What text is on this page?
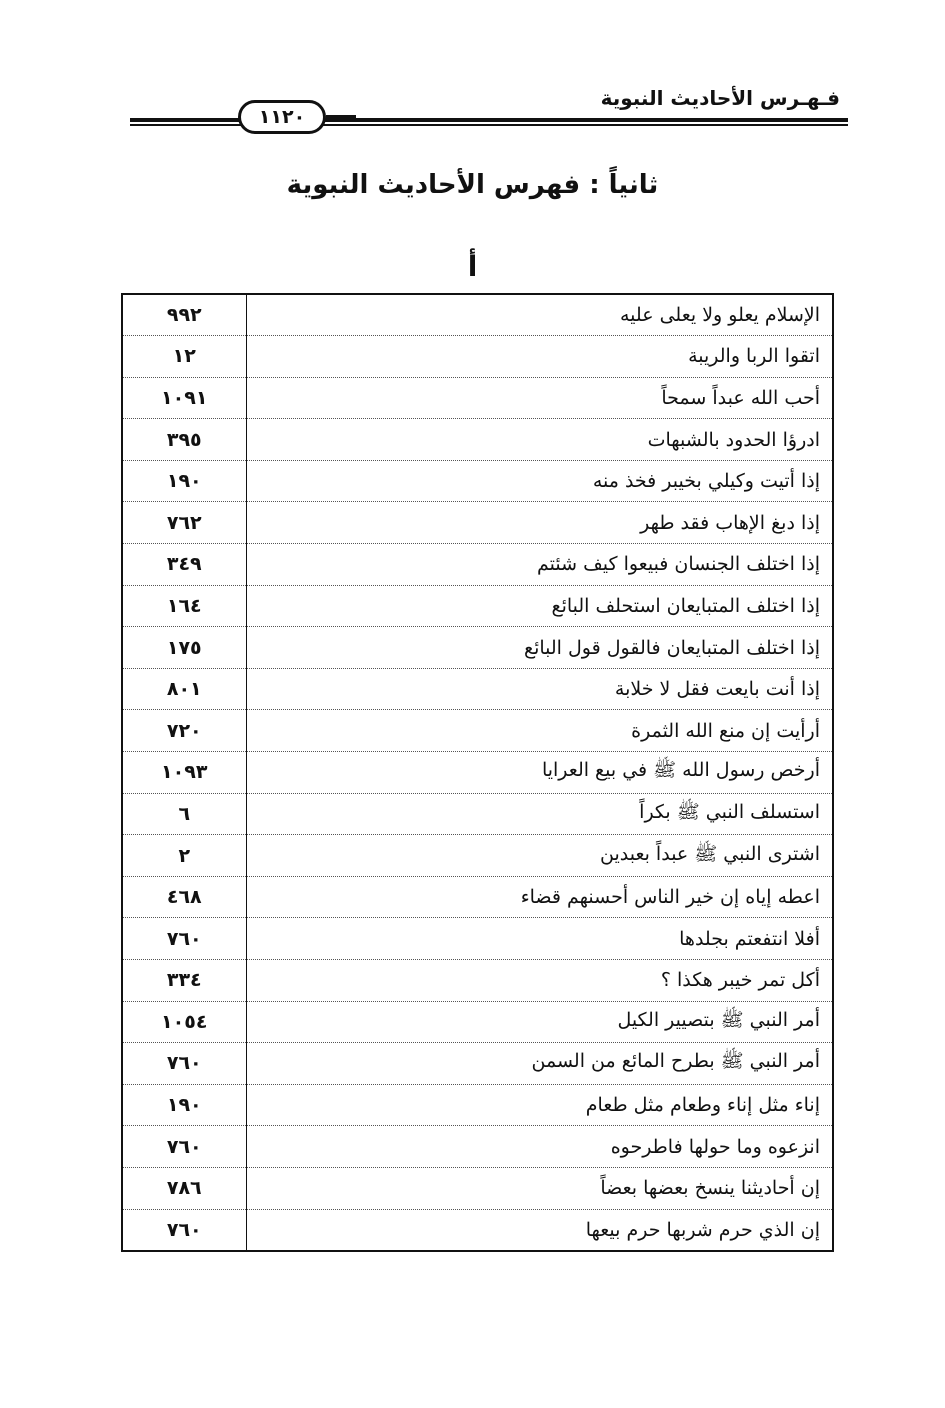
فـهـرس الأحاديث النبوية
١١٢٠
ثانياً : فهرس الأحاديث النبوية
أ
الإسلام يعلو ولا يعلى عليه	٩٩٢
اتقوا الربا والريبة	١٢
أحب الله عبداً سمحاً	١٠٩١
ادرؤا الحدود بالشبهات	٣٩٥
إذا أتيت وكيلي بخيبر فخذ منه	١٩٠
إذا دبغ الإهاب فقد طهر	٧٦٢
إذا اختلف الجنسان فبيعوا كيف شئتم	٣٤٩
إذا اختلف المتبايعان استحلف البائع	١٦٤
إذا اختلف المتبايعان فالقول قول البائع	١٧٥
إذا أنت بايعت فقل لا خلابة	٨٠١
أرأيت إن منع الله الثمرة	٧٢٠
أرخص رسول الله ﷺ في بيع العرايا	١٠٩٣
استسلف النبي ﷺ بكراً	٦
اشترى النبي ﷺ عبداً بعبدين	٢
اعطه إياه إن خير الناس أحسنهم قضاء	٤٦٨
أفلا انتفعتم بجلدها	٧٦٠
أكل تمر خيبر هكذا ؟	٣٣٤
أمر النبي ﷺ بتصيير الكيل	١٠٥٤
أمر النبي ﷺ بطرح المائع من السمن	٧٦٠
إناء مثل إناء وطعام مثل طعام	١٩٠
انزعوه وما حولها فاطرحوه	٧٦٠
إن أحاديثنا ينسخ بعضها بعضاً	٧٨٦
إن الذي حرم شربها حرم بيعها	٧٦٠
